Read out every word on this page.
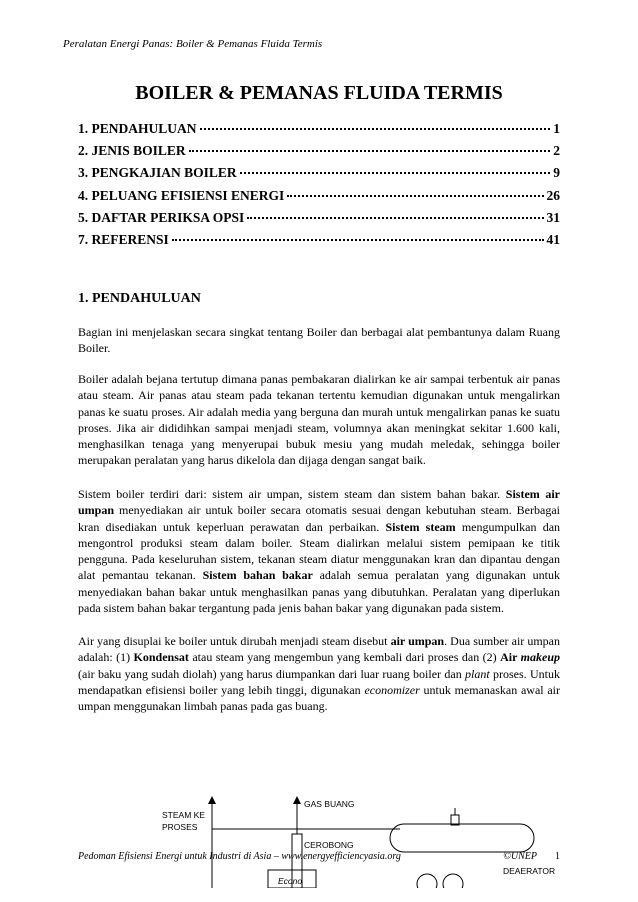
Peralatan Energi Panas: Boiler & Pemanas Fluida Termis
BOILER & PEMANAS FLUIDA TERMIS
1. PENDAHULUAN	1
2. JENIS BOILER	2
3. PENGKAJIAN BOILER	9
4. PELUANG EFISIENSI ENERGI	26
5. DAFTAR PERIKSA OPSI	31
7. REFERENSI	41
1. PENDAHULUAN

Bagian ini menjelaskan secara singkat tentang Boiler dan berbagai alat pembantunya dalam Ruang Boiler.

Boiler adalah bejana tertutup dimana panas pembakaran dialirkan ke air sampai terbentuk air panas atau steam. Air panas atau steam pada tekanan tertentu kemudian digunakan untuk mengalirkan panas ke suatu proses. Air adalah media yang berguna dan murah untuk mengalirkan panas ke suatu proses. Jika air dididihkan sampai menjadi steam, volumnya akan meningkat sekitar 1.600 kali, menghasilkan tenaga yang menyerupai bubuk mesiu yang mudah meledak, sehingga boiler merupakan peralatan yang harus dikelola dan dijaga dengan sangat baik.

Sistem boiler terdiri dari: sistem air umpan, sistem steam dan sistem bahan bakar. Sistem air umpan menyediakan air untuk boiler secara otomatis sesuai dengan kebutuhan steam. Berbagai kran disediakan untuk keperluan perawatan dan perbaikan. Sistem steam mengumpulkan dan mengontrol produksi steam dalam boiler. Steam dialirkan melalui sistem pemipaan ke titik pengguna. Pada keseluruhan sistem, tekanan steam diatur menggunakan kran dan dipantau dengan alat pemantau tekanan. Sistem bahan bakar adalah semua peralatan yang digunakan untuk menyediakan bahan bakar untuk menghasilkan panas yang dibutuhkan. Peralatan yang diperlukan pada sistem bahan bakar tergantung pada jenis bahan bakar yang digunakan pada sistem.

Air yang disuplai ke boiler untuk dirubah menjadi steam disebut air umpan. Dua sumber air umpan adalah: (1) Kondensat atau steam yang mengembun yang kembali dari proses dan (2) Air makeup (air baku yang sudah diolah) yang harus diumpankan dari luar ruang boiler dan plant proses. Untuk mendapatkan efisiensi boiler yang lebih tinggi, digunakan economizer untuk memanaskan awal air umpan menggunakan limbah panas pada gas buang.

STEAM KE
PROSES
GAS BUANG
CEROBONG
DEAERATOR
Econo
Pedoman Efisiensi Energi untuk Industri di Asia – www.energyefficiencyasia.org	©UNEP 1
